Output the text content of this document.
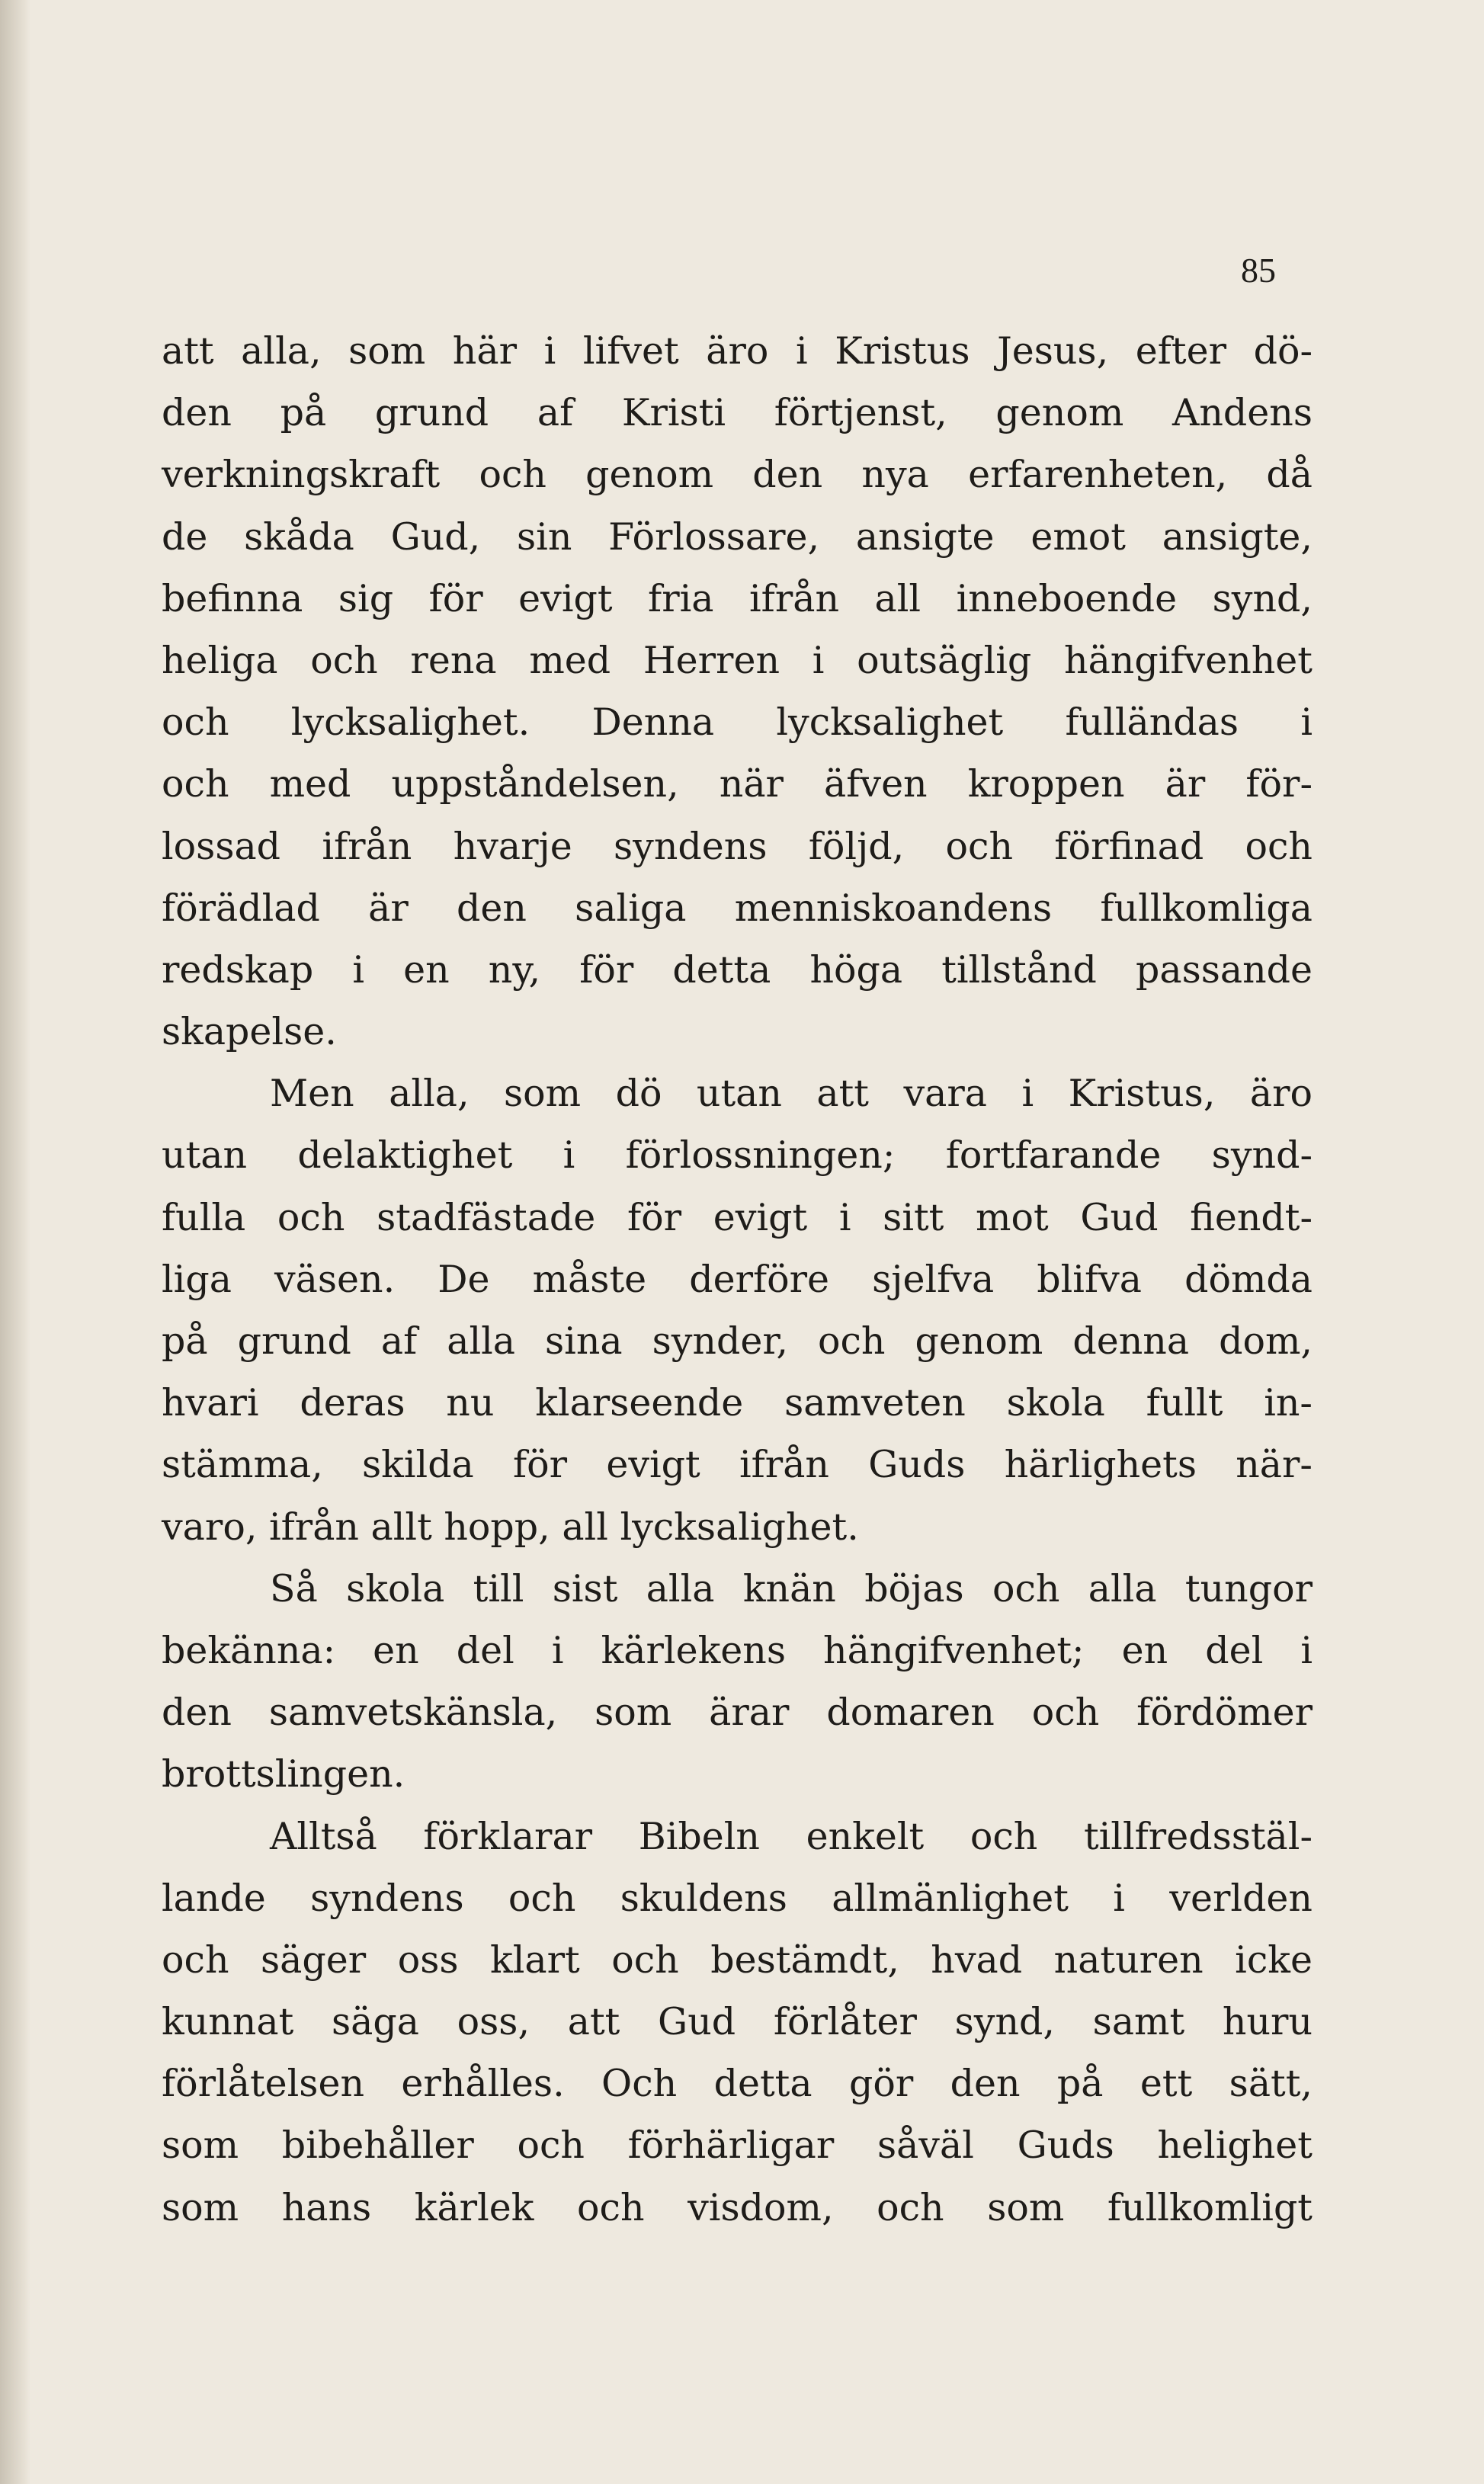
85
att alla, som här i lifvet äro i Kristus Jesus, efter dö-
den på grund af Kristi förtjenst, genom Andens
verkningskraft och genom den nya erfarenheten, då
de skåda Gud, sin Förlossare, ansigte emot ansigte,
befinna sig för evigt fria ifrån all inneboende synd,
heliga och rena med Herren i outsäglig hängifvenhet
och lycksalighet. Denna lycksalighet fulländas i
och med uppståndelsen, när äfven kroppen är för-
lossad ifrån hvarje syndens följd, och förfinad och
förädlad är den saliga menniskoandens fullkomliga
redskap i en ny, för detta höga tillstånd passande
skapelse.
Men alla, som dö utan att vara i Kristus, äro
utan delaktighet i förlossningen; fortfarande synd-
fulla och stadfästade för evigt i sitt mot Gud fiendt-
liga väsen. De måste derföre sjelfva blifva dömda
på grund af alla sina synder, och genom denna dom,
hvari deras nu klarseende samveten skola fullt in-
stämma, skilda för evigt ifrån Guds härlighets när-
varo, ifrån allt hopp, all lycksalighet.
Så skola till sist alla knän böjas och alla tungor
bekänna: en del i kärlekens hängifvenhet; en del i
den samvetskänsla, som ärar domaren och fördömer
brottslingen.
Alltså förklarar Bibeln enkelt och tillfredsstäl-
lande syndens och skuldens allmänlighet i verlden
och säger oss klart och bestämdt, hvad naturen icke
kunnat säga oss, att Gud förlåter synd, samt huru
förlåtelsen erhålles. Och detta gör den på ett sätt,
som bibehåller och förhärligar såväl Guds helighet
som hans kärlek och visdom, och som fullkomligt
